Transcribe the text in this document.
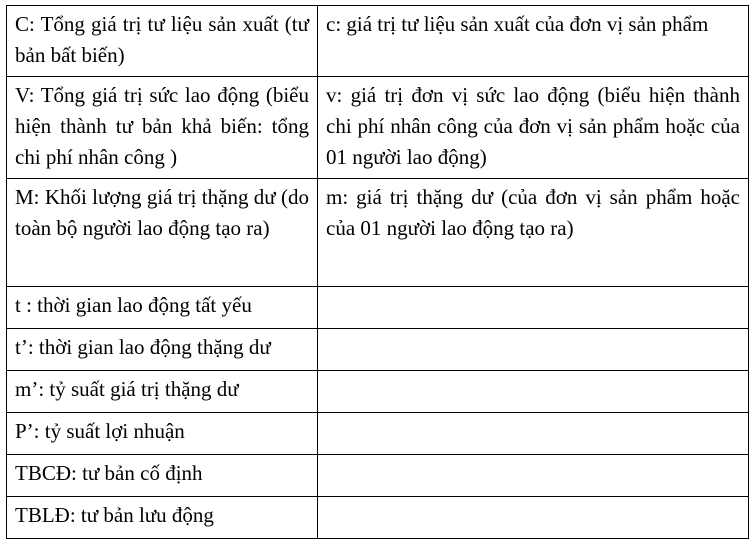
C: Tổng giá trị tư liệu sản xuất (tư bản bất biến)	c: giá trị tư liệu sản xuất của đơn vị sản phẩm
V: Tổng giá trị sức lao động (biểu hiện thành tư bản khả biến: tổng chi phí nhân công )	v: giá trị đơn vị sức lao động (biểu hiện thành chi phí nhân công của đơn vị sản phẩm hoặc của 01 người lao động)
M: Khối lượng giá trị thặng dư (do toàn bộ người lao động tạo ra)	m: giá trị thặng dư (của đơn vị sản phẩm hoặc của 01 người lao động tạo ra)
t : thời gian lao động tất yếu	
t’: thời gian lao động thặng dư	
m’: tỷ suất giá trị thặng dư	
P’: tỷ suất lợi nhuận	
TBCĐ: tư bản cố định	
TBLĐ: tư bản lưu động	
